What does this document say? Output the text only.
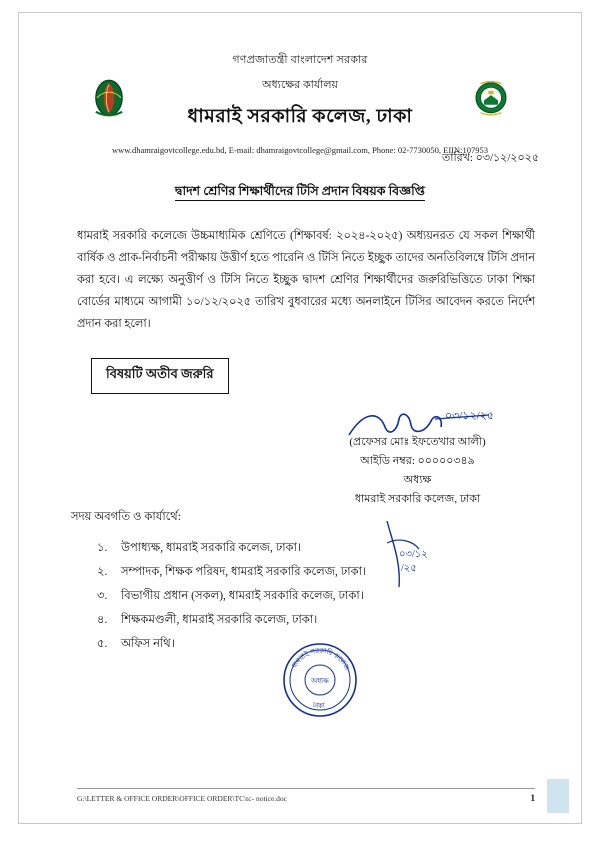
গণপ্রজাতন্ত্রী বাংলাদেশ সরকার
অধ্যক্ষের কার্যালয়
ধামরাই সরকারি কলেজ, ঢাকা
www.dhamraigovtcollege.edu.bd, E-mail: dhamraigovtcollege@gmail.com, Phone: 02-7730050, EIIN:107953
তারিখ: ০৩/১২/২০২৫
দ্বাদশ শ্রেণির শিক্ষার্থীদের টিসি প্রদান বিষয়ক বিজ্ঞপ্তি
ধামরাই সরকারি কলেজে উচ্চমাধ্যমিক শ্রেণিতে (শিক্ষাবর্ষ: ২০২৪-২০২৫) অধ্যয়নরত যে সকল শিক্ষার্থী বার্ষিক ও প্রাক-নির্বাচনী পরীক্ষায় উত্তীর্ণ হতে পারেনি ও টিসি নিতে ইচ্ছুক তাদের অনতিবিলম্বে টিসি প্রদান করা হবে। এ লক্ষ্যে অনুত্তীর্ণ ও টিসি নিতে ইচ্ছুক দ্বাদশ শ্রেণির শিক্ষার্থীদের জরুরিভিত্তিতে ঢাকা শিক্ষা বোর্ডের মাধ্যমে আগামী ১০/১২/২০২৫ তারিখ বুধবারের মধ্যে অনলাইনে টিসির আবেদন করতে নির্দেশ প্রদান করা হলো।
বিষয়টি অতীব জরুরি
০৩/১২/২৫
(প্রফেসর মোঃ ইফতেখার আলী)
আইডি নম্বর: ০০০০০৩৪৯
অধ্যক্ষ
ধামরাই সরকারি কলেজ, ঢাকা
সদয় অবগতি ও কার্যার্থে:
১. উপাধ্যক্ষ, ধামরাই সরকারি কলেজ, ঢাকা।
২. সম্পাদক, শিক্ষক পরিষদ, ধামরাই সরকারি কলেজ, ঢাকা।
৩. বিভাগীয় প্রধান (সকল), ধামরাই সরকারি কলেজ, ঢাকা।
৪. শিক্ষকমণ্ডলী, ধামরাই সরকারি কলেজ, ঢাকা।
৫. অফিস নথি।
০৩/১২
/২৫
ধামরাই সরকারি কলেজ
ঢাকা
অধ্যক্ষ
G:\LETTER & OFFICE ORDER\OFFICE ORDER\TC\tc- notice.doc	1
